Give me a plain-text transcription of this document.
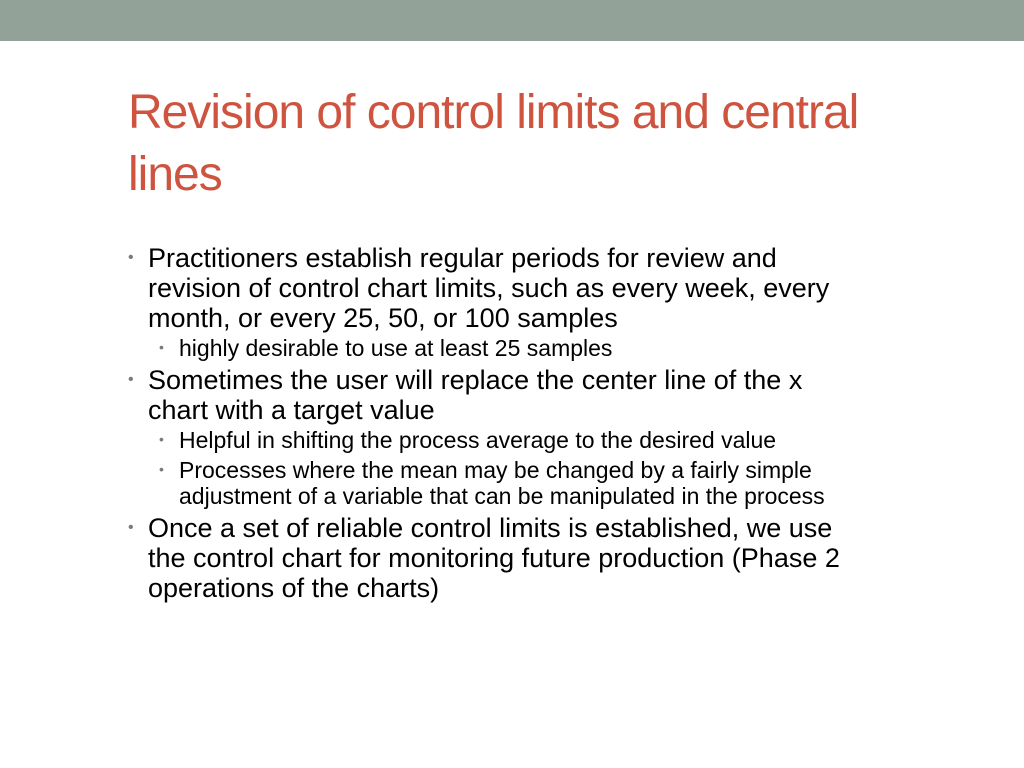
Revision of control limits and central lines
• Practitioners establish regular periods for review and revision of control chart limits, such as every week, every month, or every 25, 50, or 100 samples
• highly desirable to use at least 25 samples
• Sometimes the user will replace the center line of the x chart with a target value
• Helpful in shifting the process average to the desired value
• Processes where the mean may be changed by a fairly simple adjustment of a variable that can be manipulated in the process
• Once a set of reliable control limits is established, we use the control chart for monitoring future production (Phase 2 operations of the charts)
